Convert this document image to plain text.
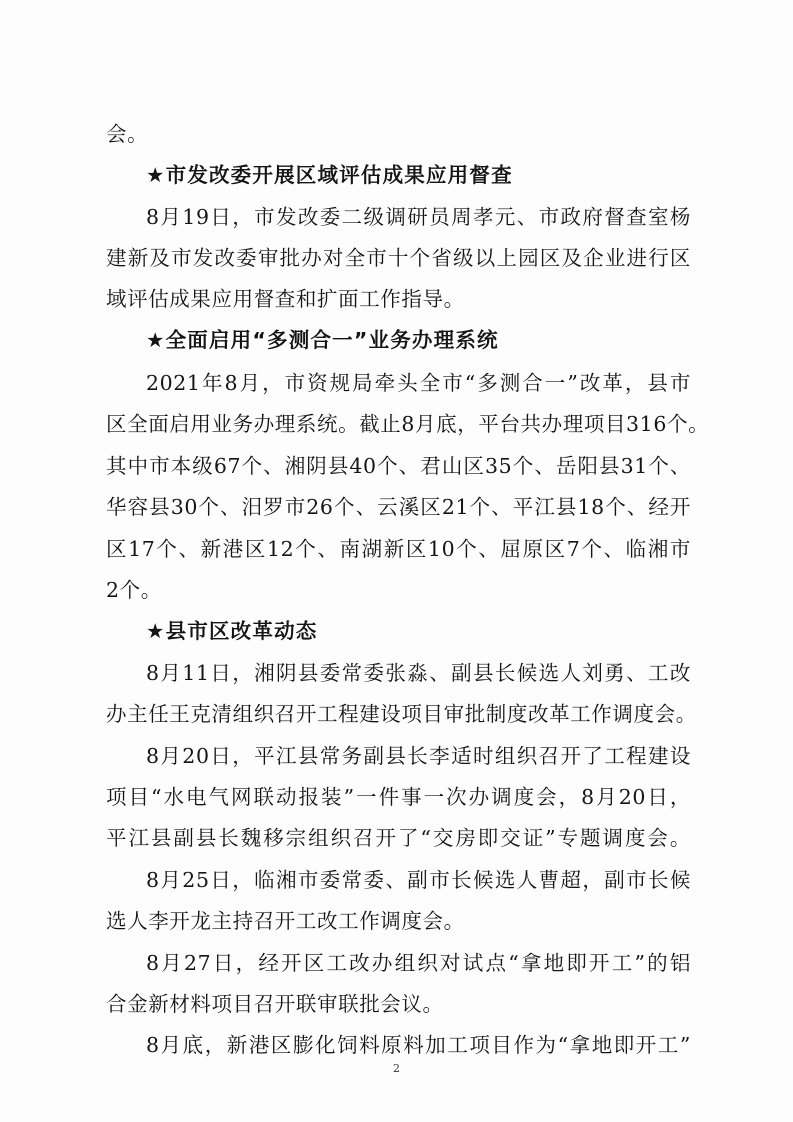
会。
★市发改委开展区域评估成果应用督查
8月19日，市发改委二级调研员周孝元、市政府督查室杨
建新及市发改委审批办对全市十个省级以上园区及企业进行区
域评估成果应用督查和扩面工作指导。
★全面启用“多测合一”业务办理系统
2021年8月，市资规局牵头全市“多测合一”改革，县市
区全面启用业务办理系统。截止8月底，平台共办理项目316个。
其中市本级67个、湘阴县40个、君山区35个、岳阳县31个、
华容县30个、汨罗市26个、云溪区21个、平江县18个、经开
区17个、新港区12个、南湖新区10个、屈原区7个、临湘市
2个。
★县市区改革动态
8月11日，湘阴县委常委张淼、副县长候选人刘勇、工改
办主任王克清组织召开工程建设项目审批制度改革工作调度会。
8月20日，平江县常务副县长李适时组织召开了工程建设
项目“水电气网联动报装”一件事一次办调度会，8月20日，
平江县副县长魏移宗组织召开了“交房即交证”专题调度会。
8月25日，临湘市委常委、副市长候选人曹超，副市长候
选人李开龙主持召开工改工作调度会。
8月27日，经开区工改办组织对试点“拿地即开工”的铝
合金新材料项目召开联审联批会议。
8月底，新港区膨化饲料原料加工项目作为“拿地即开工”
2
